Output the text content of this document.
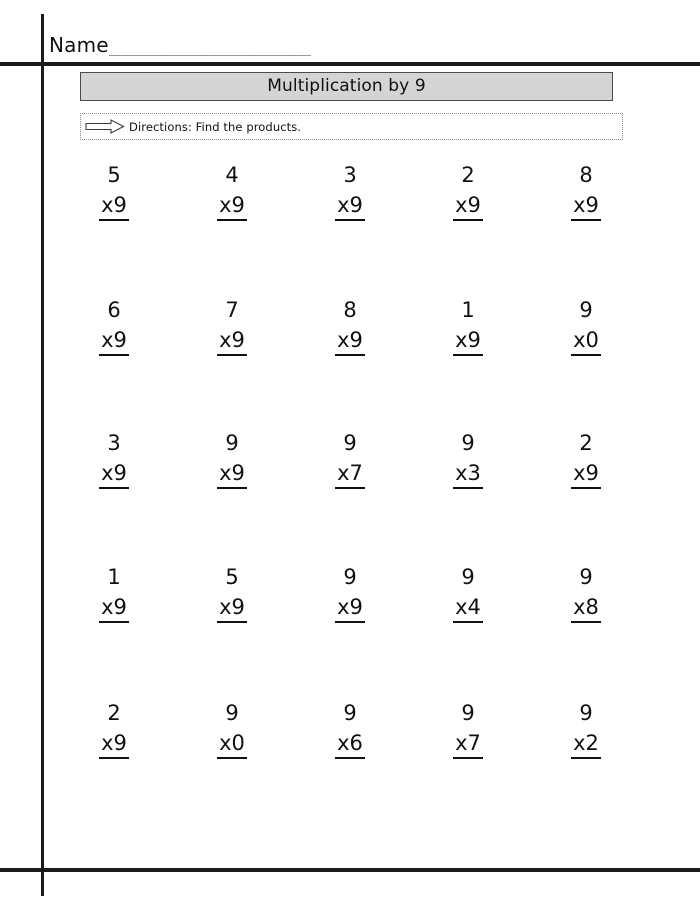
Name _______________________
Multiplication by 9
Directions: Find the products.
5
x9
4
x9
3
x9
2
x9
8
x9
6
x9
7
x9
8
x9
1
x9
9
x0
3
x9
9
x9
9
x7
9
x3
2
x9
1
x9
5
x9
9
x9
9
x4
9
x8
2
x9
9
x0
9
x6
9
x7
9
x2
